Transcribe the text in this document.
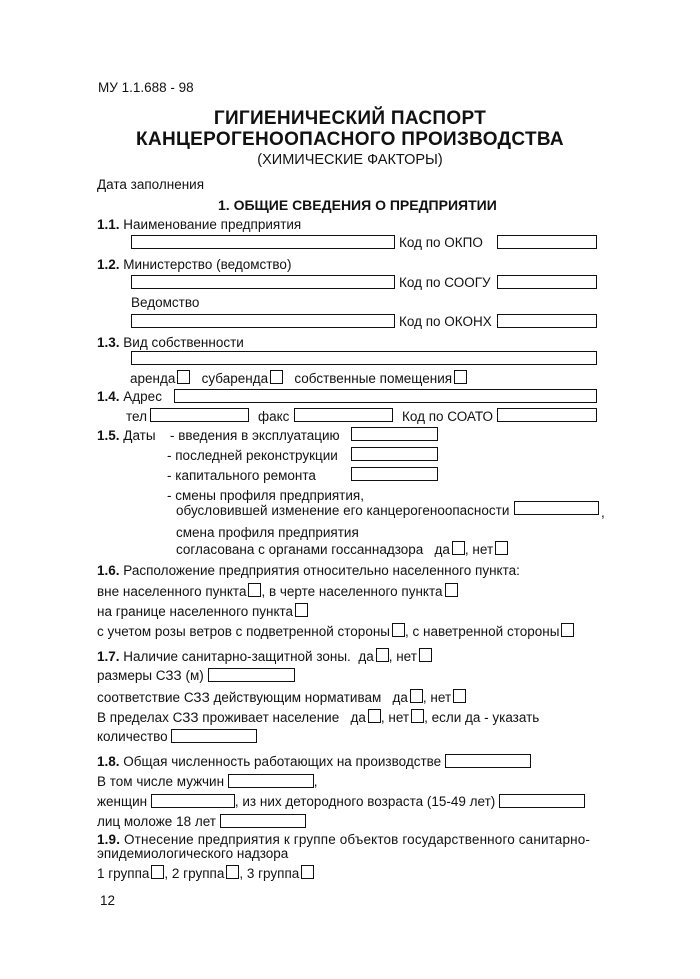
МУ 1.1.688 - 98
ГИГИЕНИЧЕСКИЙ ПАСПОРТ
КАНЦЕРОГЕНООПАСНОГО ПРОИЗВОДСТВА
(ХИМИЧЕСКИЕ ФАКТОРЫ)
Дата заполнения
1. ОБЩИЕ СВЕДЕНИЯ О ПРЕДПРИЯТИИ
1.1. Наименование предприятия
Код по ОКПО
1.2. Министерство (ведомство)
Код по СООГУ
Ведомство
Код по ОКОНХ
1.3. Вид собственности
аренда субаренда собственные помещения
1.4. Адрес
тел	факс	Код по СОАТО
1.5. Даты - введения в эксплуатацию
- последней реконструкции
- капитального ремонта
- смены профиля предприятия,
обусловившей изменение его канцерогеноопасности	,
смена профиля предприятия
согласована с органами госсаннадзора да , нет
1.6. Расположение предприятия относительно населенного пункта:
вне населенного пункта , в черте населенного пункта
на границе населенного пункта
с учетом розы ветров с подветренной стороны , с наветренной стороны
1.7. Наличие санитарно-защитной зоны. да , нет
размеры СЗЗ (м)
соответствие СЗЗ действующим нормативам да , нет
В пределах СЗЗ проживает население да , нет , если да - указать
количество
1.8. Общая численность работающих на производстве
В том числе мужчин	,
женщин	, из них детородного возраста (15-49 лет)
лиц моложе 18 лет
1.9. Отнесение предприятия к группе объектов государственного санитарно-
эпидемиологического надзора
1 группа , 2 группа , 3 группа
12
